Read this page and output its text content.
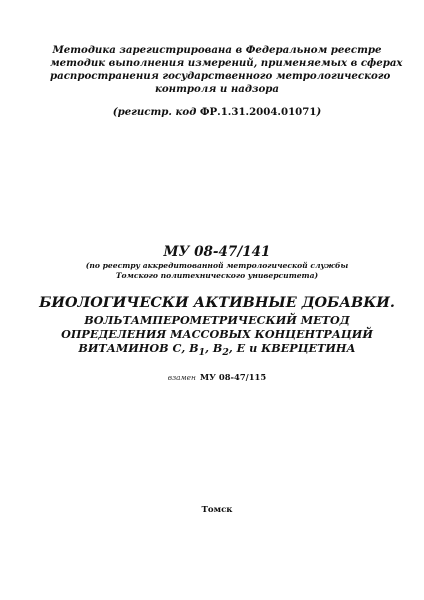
Методика зарегистрирована в Федеральном реестре
методик выполнения измерений, применяемых в сферах
распространения государственного метрологического
контроля и надзора
(регистр. код ФР.1.31.2004.01071)
МУ 08-47/141
(по реестру аккредитованной метрологической службы
Томского политехнического университета)
БИОЛОГИЧЕСКИ АКТИВНЫЕ ДОБАВКИ.
ВОЛЬТАМПЕРОМЕТРИЧЕСКИЙ МЕТОД
ОПРЕДЕЛЕНИЯ МАССОВЫХ КОНЦЕНТРАЦИЙ
ВИТАМИНОВ С, $В_1$, $В_2$, Е и КВЕРЦЕТИНА
взамен МУ 08-47/115
Томск
